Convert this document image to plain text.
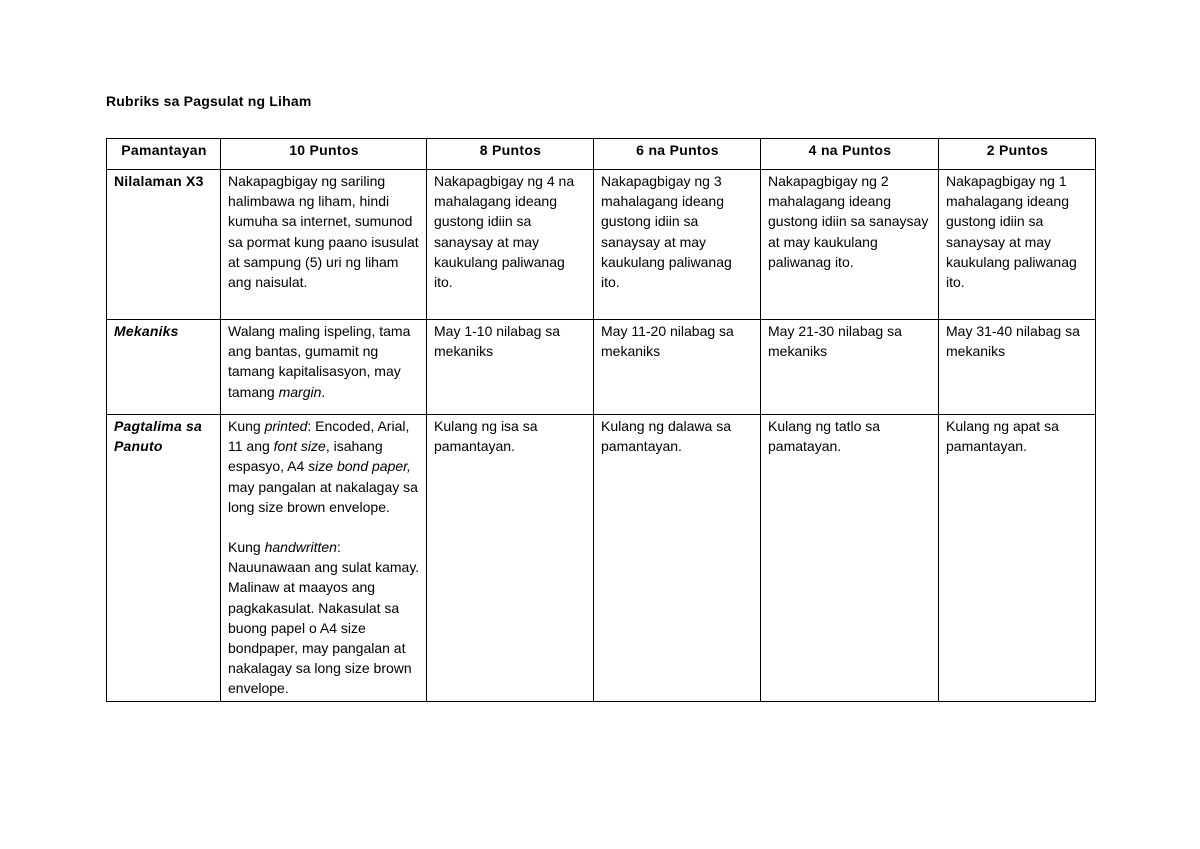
Rubriks sa Pagsulat ng Liham
Pamantayan	10 Puntos	8 Puntos	6 na Puntos	4 na Puntos	2 Puntos
Nilalaman X3	Nakapagbigay ng sariling halimbawa ng liham, hindi kumuha sa internet, sumunod sa pormat kung paano isusulat at sampung (5) uri ng liham ang naisulat.	Nakapagbigay ng 4 na mahalagang ideang gustong idiin sa sanaysay at may kaukulang paliwanag ito.	Nakapagbigay ng 3 mahalagang ideang gustong idiin sa sanaysay at may kaukulang paliwanag ito.	Nakapagbigay ng 2 mahalagang ideang gustong idiin sa sanaysay at may kaukulang paliwanag ito.	Nakapagbigay ng 1 mahalagang ideang gustong idiin sa sanaysay at may kaukulang paliwanag ito.
Mekaniks	Walang maling ispeling, tama ang bantas, gumamit ng tamang kapitalisasyon, may tamang margin.	May 1-10 nilabag sa mekaniks	May 11-20 nilabag sa mekaniks	May 21-30 nilabag sa mekaniks	May 31-40 nilabag sa mekaniks
Pagtalima sa Panuto	Kung printed: Encoded, Arial, 11 ang font size, isahang espasyo, A4 size bond paper, may pangalan at nakalagay sa long size brown envelope.
Kung handwritten: Nauunawaan ang sulat kamay. Malinaw at maayos ang pagkakasulat. Nakasulat sa buong papel o A4 size bondpaper, may pangalan at nakalagay sa long size brown envelope.	Kulang ng isa sa pamantayan.	Kulang ng dalawa sa pamantayan.	Kulang ng tatlo sa pamatayan.	Kulang ng apat sa pamantayan.
